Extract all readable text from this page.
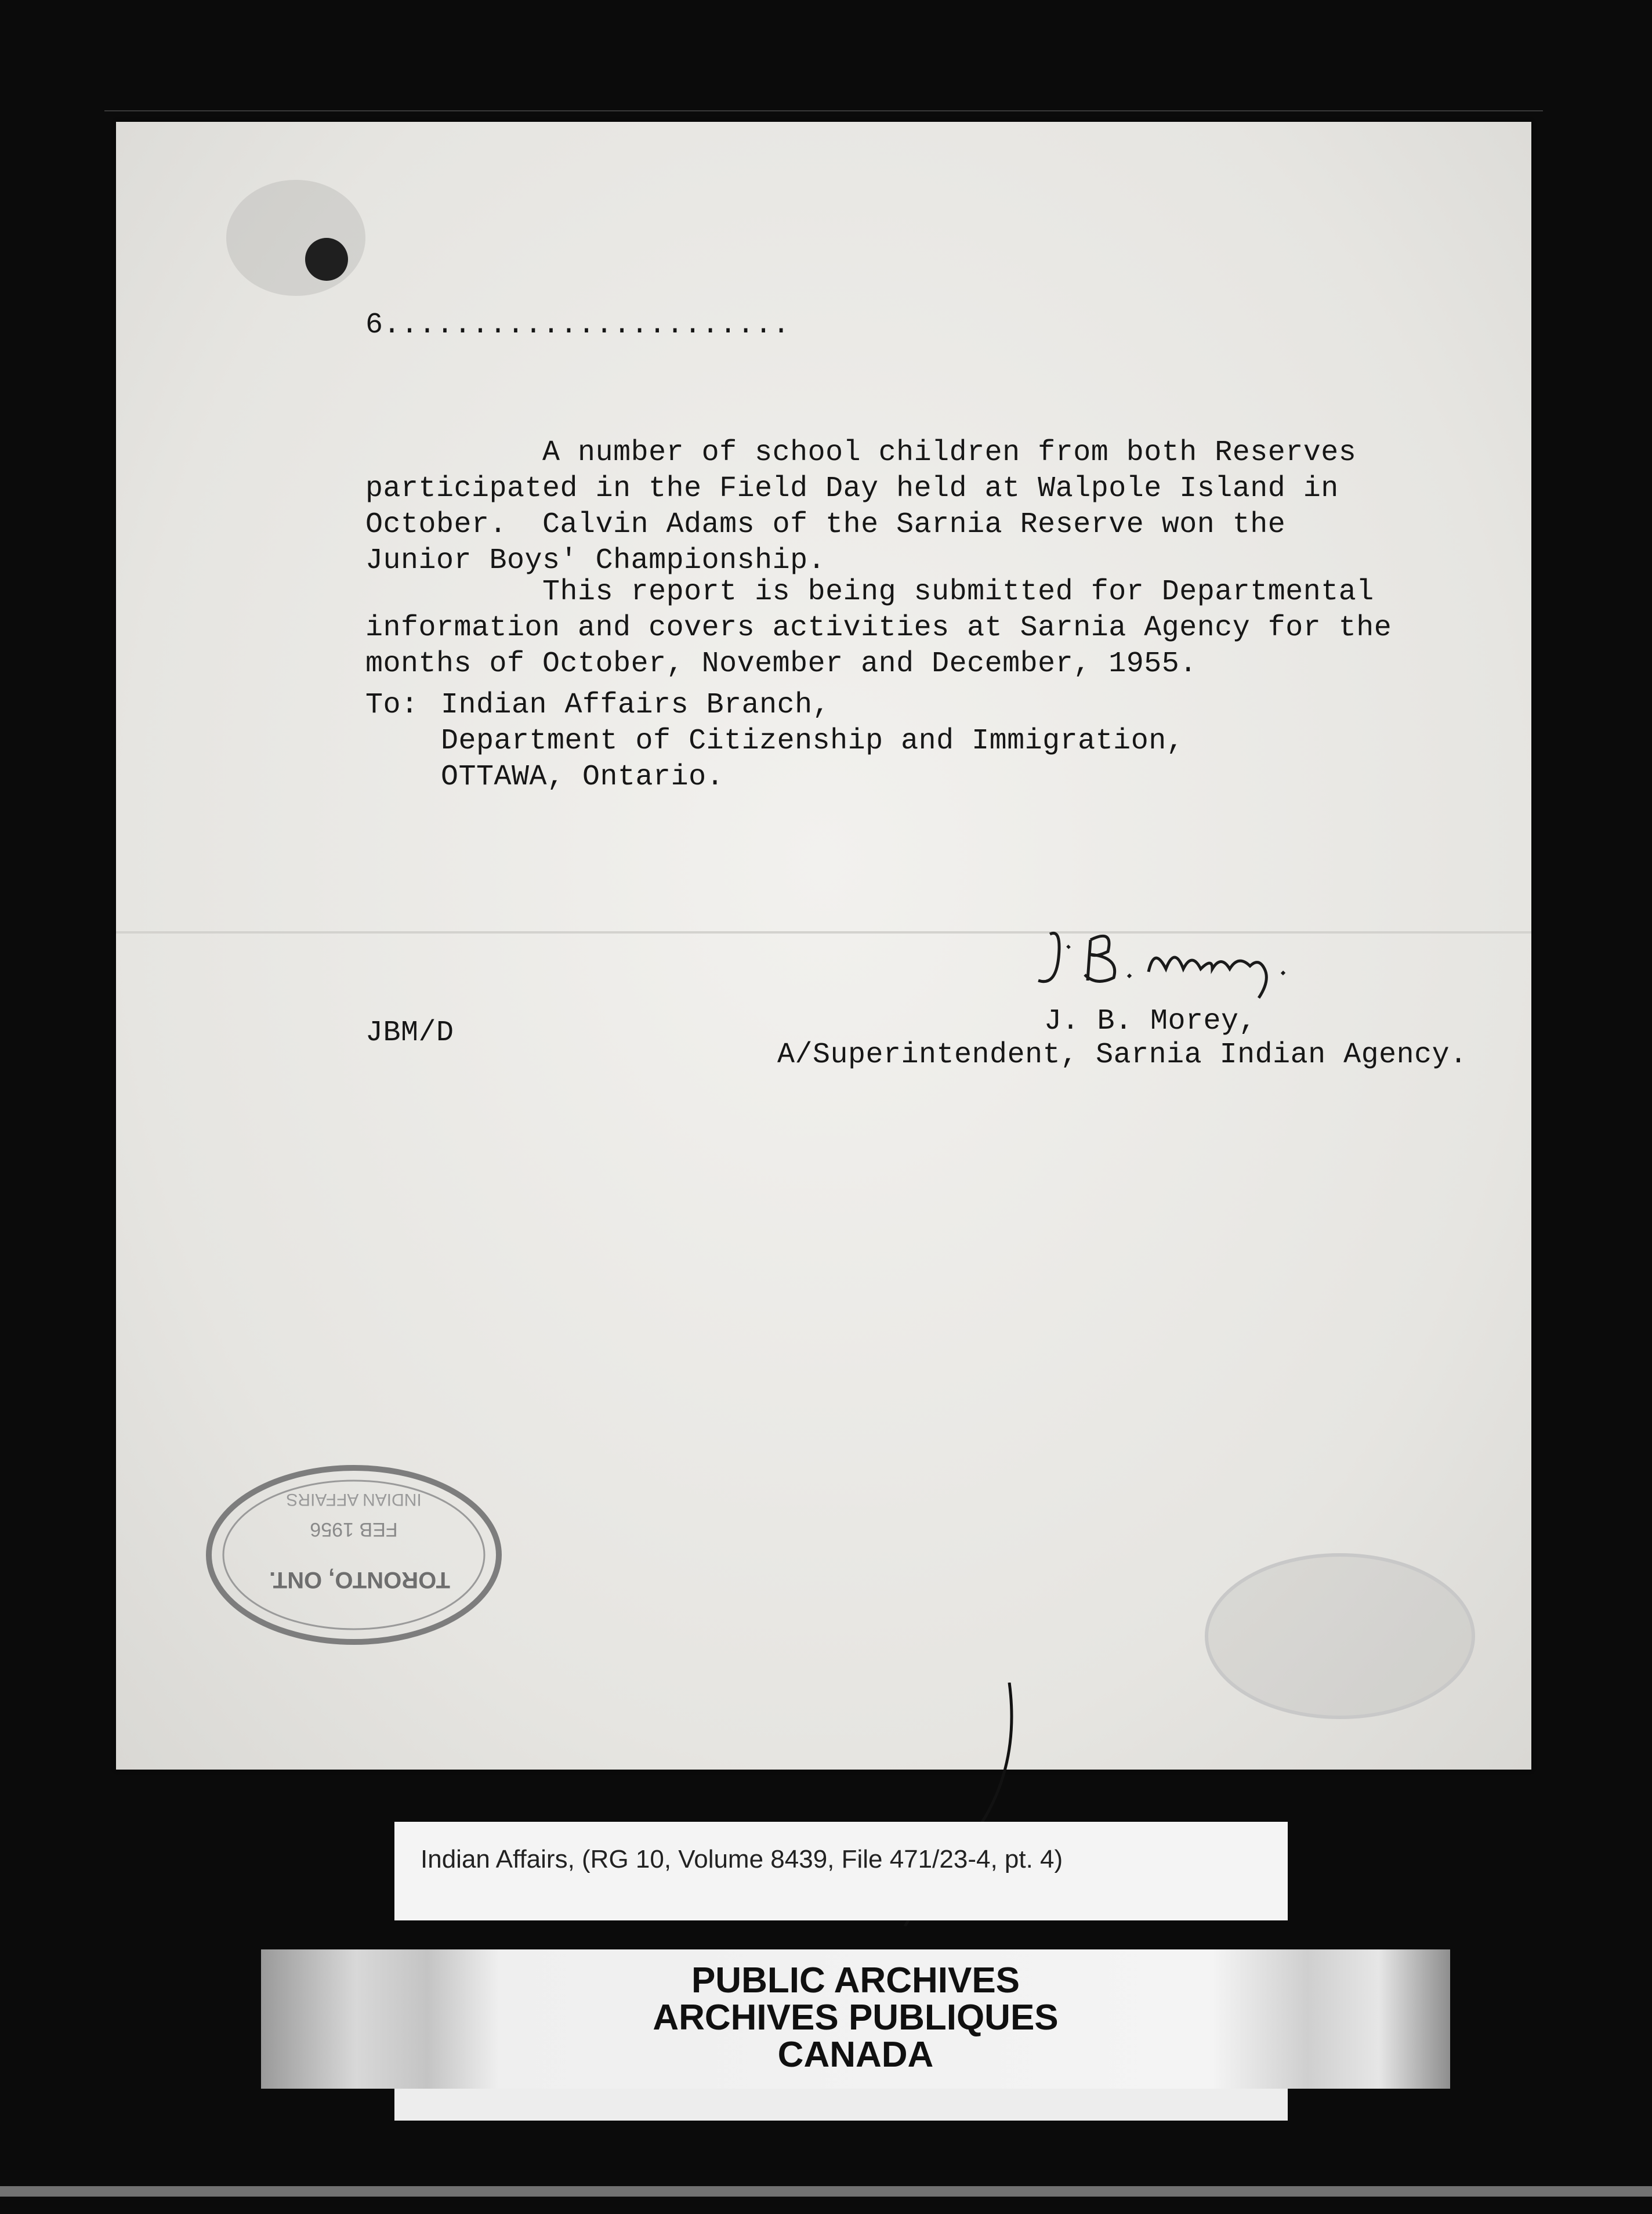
6.......................
A number of school children from both Reserves
participated in the Field Day held at Walpole Island in
October.  Calvin Adams of the Sarnia Reserve won the
Junior Boys' Championship.
This report is being submitted for Departmental
information and covers activities at Sarnia Agency for the
months of October, November and December, 1955.
To: Indian Affairs Branch,
Department of Citizenship and Immigration,
OTTAWA, Ontario.
J. B. Morey,
A/Superintendent, Sarnia Indian Agency.
JBM/D
TORONTO, ONT.
FEB 1956
INDIAN AFFAIRS
Indian Affairs, (RG 10, Volume 8439, File 471/23-4, pt. 4)
PUBLIC ARCHIVES
ARCHIVES PUBLIQUES
CANADA
